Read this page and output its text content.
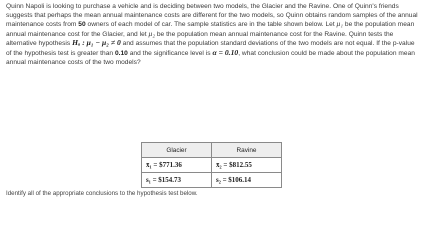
Quinn Napoli is looking to purchase a vehicle and is deciding between two models, the Glacier and the Ravine. One of Quinn's friends suggests that perhaps the mean annual maintenance costs are different for the two models, so Quinn obtains random samples of the annual maintenance costs from 50 owners of each model of car. The sample statistics are in the table shown below. Let μ₁ be the population mean annual maintenance cost for the Glacier, and let μ₂ be the population mean annual maintenance cost for the Ravine. Quinn tests the alternative hypothesis Hₐ : μ₁ − μ₂ ≠ 0 and assumes that the population standard deviations of the two models are not equal. If the p-value of the hypothesis test is greater than 0.10 and the significance level is α = 0.10, what conclusion could be made about the population mean annual maintenance costs of the two models?
Glacier	Ravine
x̄₁ = $771.36	x̄₂ = $812.55
s₁ = $154.73	s₂ = $106.14
Identify all of the appropriate conclusions to the hypothesis test below.
